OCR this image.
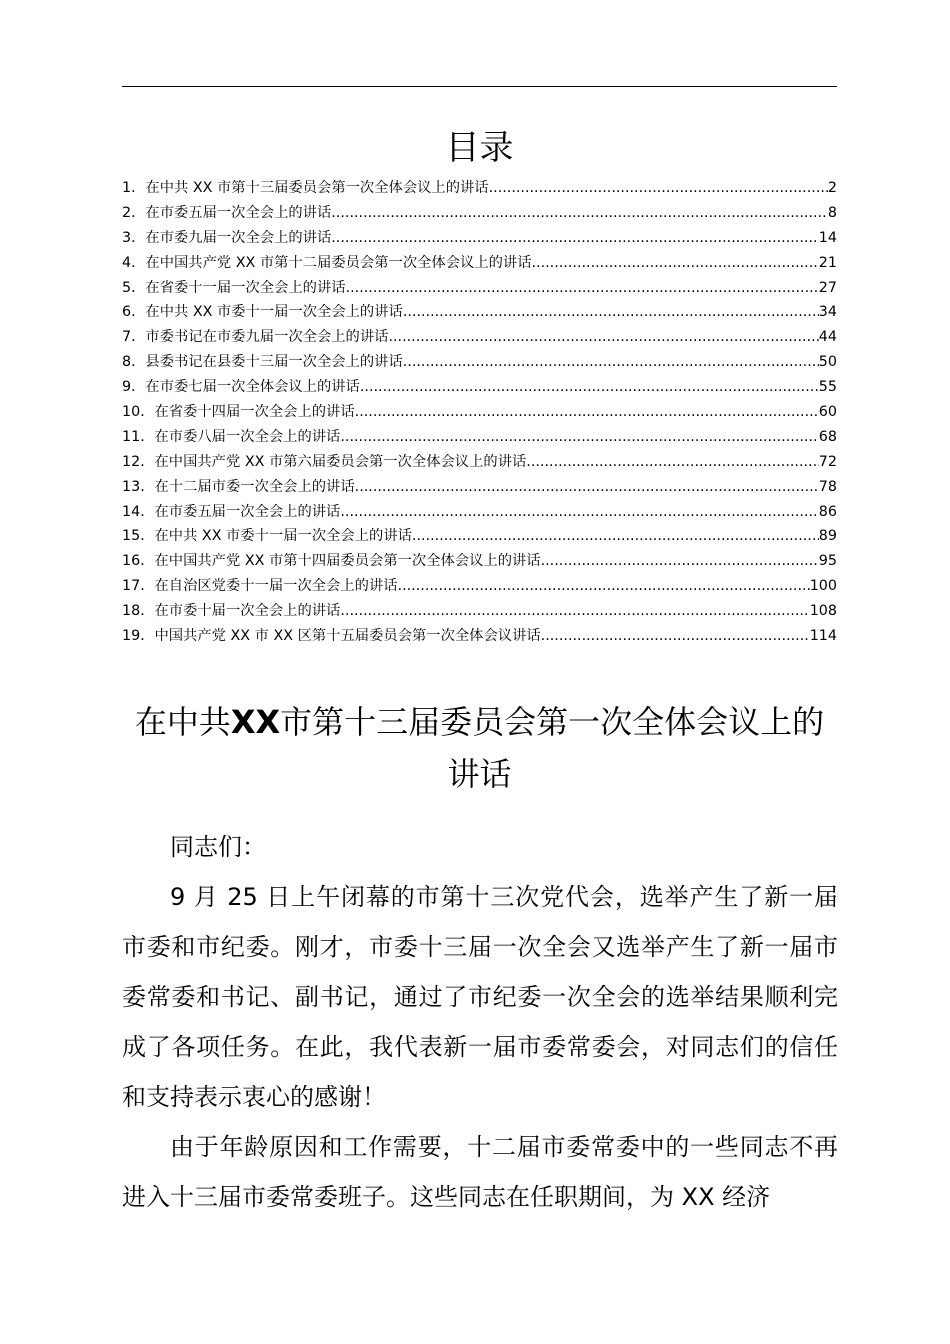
目录
1．在中共 XX 市第十三届委员会第一次全体会议上的讲话 .....	2
2．在市委五届一次全会上的讲话 .....	8
3．在市委九届一次全会上的讲话 .....	14
4．在中国共产党 XX 市第十二届委员会第一次全体会议上的讲话 .....	21
5．在省委十一届一次全会上的讲话 .....	27
6．在中共 XX 市委十一届一次全会上的讲话 .....	34
7．市委书记在市委九届一次全会上的讲话 .....	44
8．县委书记在县委十三届一次全会上的讲话 .....	50
9．在市委七届一次全体会议上的讲话 .....	55
10．在省委十四届一次全会上的讲话 .....	60
11．在市委八届一次全会上的讲话 .....	68
12．在中国共产党 XX 市第六届委员会第一次全体会议上的讲话 .....	72
13．在十二届市委一次全会上的讲话 .....	78
14．在市委五届一次全会上的讲话 .....	86
15．在中共 XX 市委十一届一次全会上的讲话 .....	89
16．在中国共产党 XX 市第十四届委员会第一次全体会议上的讲话 .....	95
17．在自治区党委十一届一次全会上的讲话 .....	100
18．在市委十届一次全会上的讲话 .....	108
19．中国共产党 XX 市 XX 区第十五届委员会第一次全体会议讲话 .....	114
在中共XX市第十三届委员会第一次全体会议上的讲话

同志们：

9 月 25 日上午闭幕的市第十三次党代会，选举产生了新一届市委和市纪委。刚才，市委十三届一次全会又选举产生了新一届市委常委和书记、副书记，通过了市纪委一次全会的选举结果顺利完成了各项任务。在此，我代表新一届市委常委会，对同志们的信任和支持表示衷心的感谢！

由于年龄原因和工作需要，十二届市委常委中的一些同志不再进入十三届市委常委班子。这些同志在任职期间，为 XX 经济
